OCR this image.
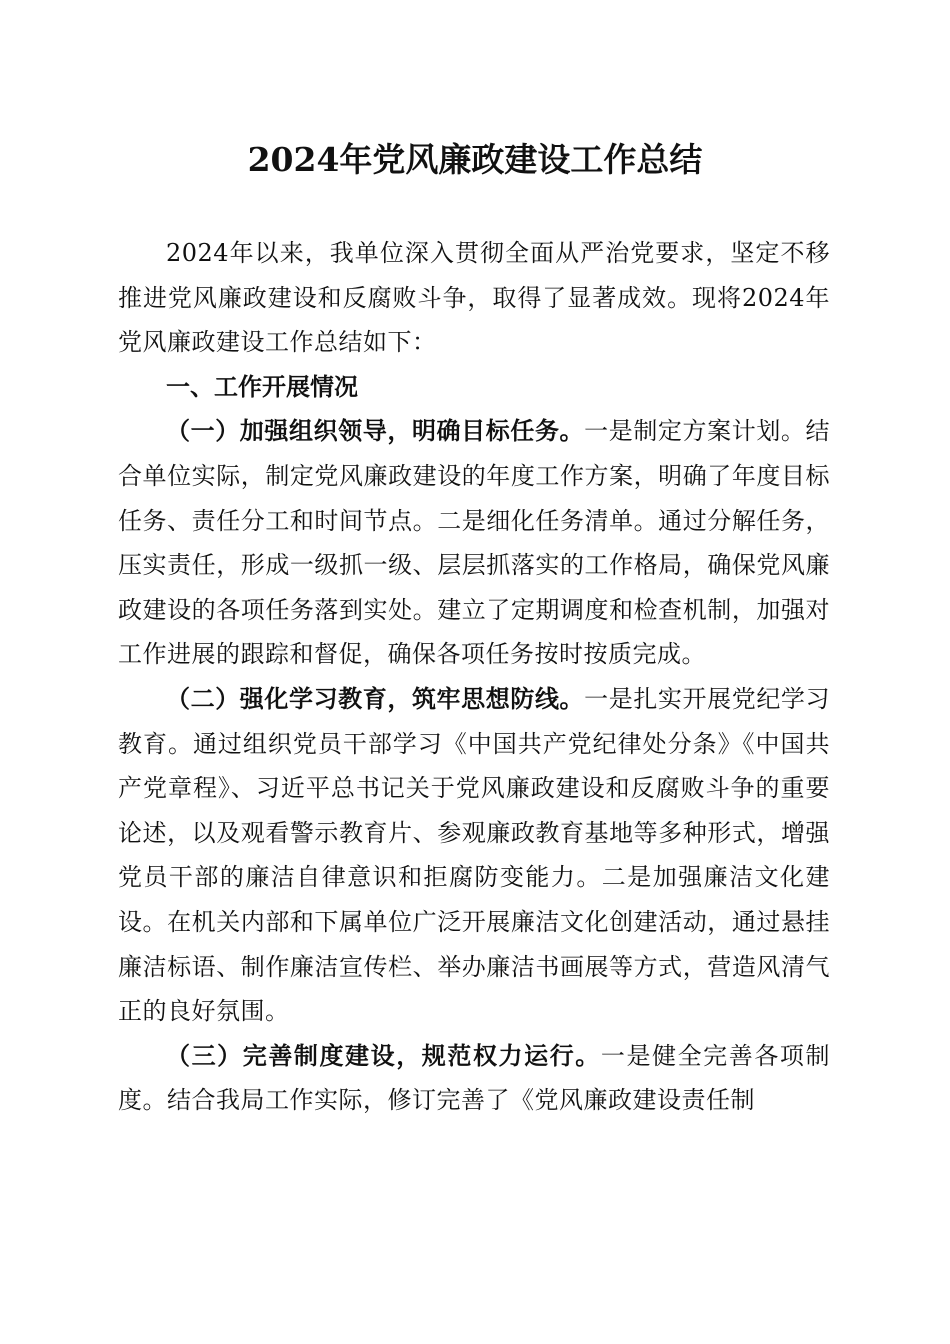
2024年党风廉政建设工作总结

2024年以来，我单位深入贯彻全面从严治党要求，坚定不移推进党风廉政建设和反腐败斗争，取得了显著成效。现将2024年党风廉政建设工作总结如下：

一、工作开展情况

（一）加强组织领导，明确目标任务。一是制定方案计划。结合单位实际，制定党风廉政建设的年度工作方案，明确了年度目标任务、责任分工和时间节点。二是细化任务清单。通过分解任务，压实责任，形成一级抓一级、层层抓落实的工作格局，确保党风廉政建设的各项任务落到实处。建立了定期调度和检查机制，加强对工作进展的跟踪和督促，确保各项任务按时按质完成。

（二）强化学习教育，筑牢思想防线。一是扎实开展党纪学习教育。通过组织党员干部学习《中国共产党纪律处分条》《中国共产党章程》、习近平总书记关于党风廉政建设和反腐败斗争的重要论述，以及观看警示教育片、参观廉政教育基地等多种形式，增强党员干部的廉洁自律意识和拒腐防变能力。二是加强廉洁文化建设。在机关内部和下属单位广泛开展廉洁文化创建活动，通过悬挂廉洁标语、制作廉洁宣传栏、举办廉洁书画展等方式，营造风清气正的良好氛围。

（三）完善制度建设，规范权力运行。一是健全完善各项制度。结合我局工作实际，修订完善了《党风廉政建设责任制
